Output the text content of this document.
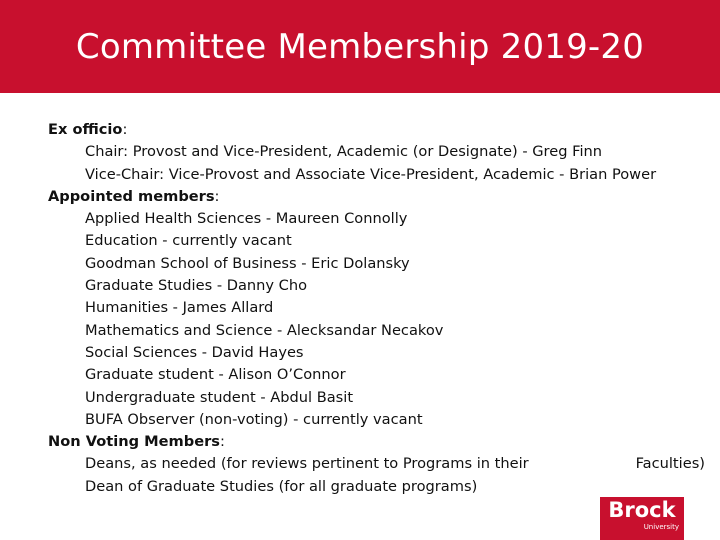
Committee Membership 2019-20
Ex officio:
Chair: Provost and Vice-President, Academic (or Designate) - Greg Finn
Vice-Chair: Vice-Provost and Associate Vice-President, Academic - Brian Power
Appointed members:
Applied Health Sciences - Maureen Connolly
Education - currently vacant
Goodman School of Business - Eric Dolansky
Graduate Studies - Danny Cho
Humanities - James Allard
Mathematics and Science - Alecksandar Necakov
Social Sciences - David Hayes
Graduate student - Alison O’Connor
Undergraduate student - Abdul Basit
BUFA Observer (non-voting) - currently vacant
Non Voting Members:
Deans, as needed (for reviews pertinent to Programs in their	Faculties)
Dean of Graduate Studies (for all graduate programs)
Brock
University
